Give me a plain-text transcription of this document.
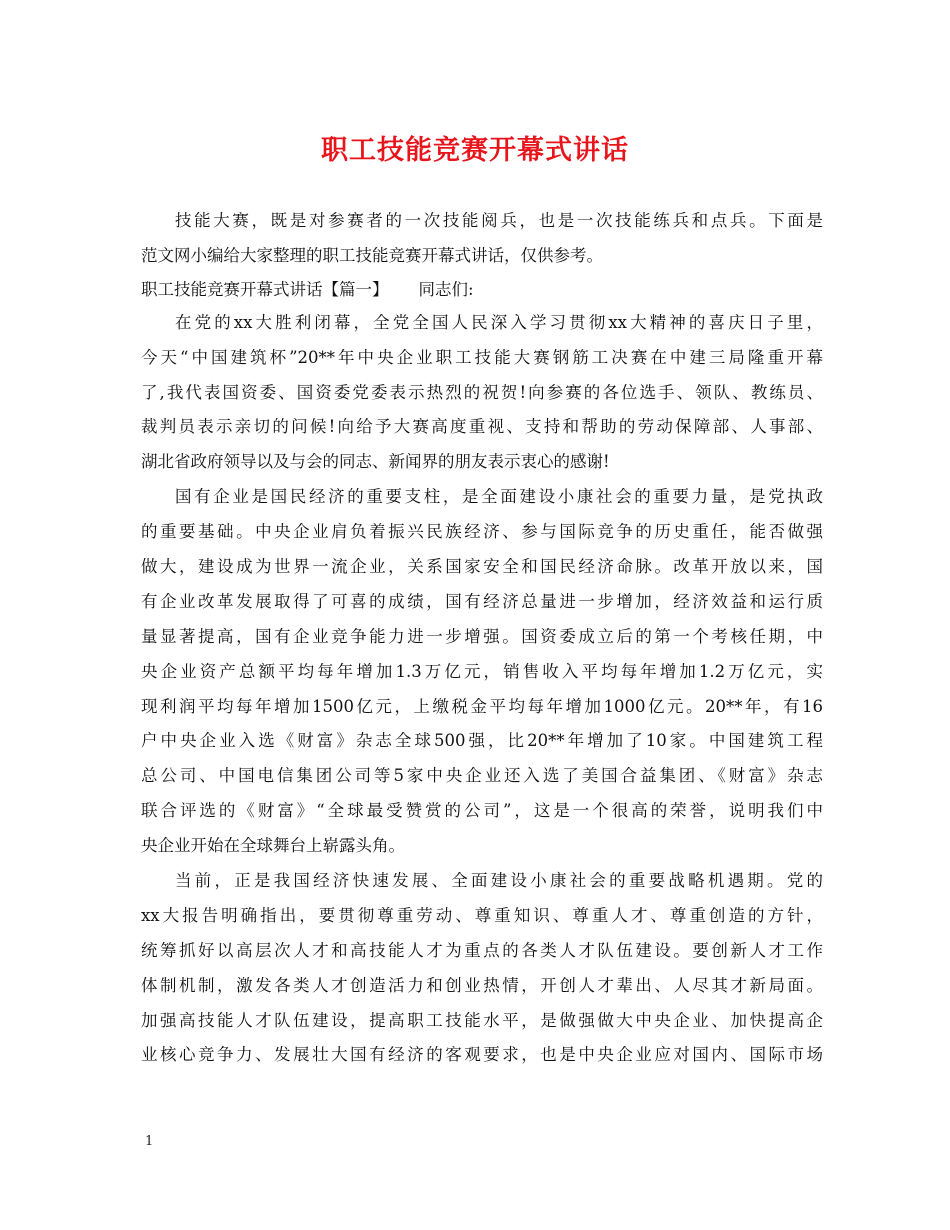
职工技能竞赛开幕式讲话
技能大赛，既是对参赛者的一次技能阅兵，也是一次技能练兵和点兵。下面是
范文网小编给大家整理的职工技能竞赛开幕式讲话，仅供参考。
职工技能竞赛开幕式讲话【篇一】 同志们:
在党的xx大胜利闭幕，全党全国人民深入学习贯彻xx大精神的喜庆日子里，
今天“中国建筑杯”20**年中央企业职工技能大赛钢筋工决赛在中建三局隆重开幕
了,我代表国资委、国资委党委表示热烈的祝贺!向参赛的各位选手、领队、教练员、
裁判员表示亲切的问候!向给予大赛高度重视、支持和帮助的劳动保障部、人事部、
湖北省政府领导以及与会的同志、新闻界的朋友表示衷心的感谢!
国有企业是国民经济的重要支柱，是全面建设小康社会的重要力量，是党执政
的重要基础。中央企业肩负着振兴民族经济、参与国际竞争的历史重任，能否做强
做大，建设成为世界一流企业，关系国家安全和国民经济命脉。改革开放以来，国
有企业改革发展取得了可喜的成绩，国有经济总量进一步增加，经济效益和运行质
量显著提高，国有企业竞争能力进一步增强。国资委成立后的第一个考核任期，中
央企业资产总额平均每年增加1.3万亿元，销售收入平均每年增加1.2万亿元，实
现利润平均每年增加1500亿元，上缴税金平均每年增加1000亿元。20**年，有16
户中央企业入选《财富》杂志全球500强，比20**年增加了10家。中国建筑工程
总公司、中国电信集团公司等5家中央企业还入选了美国合益集团、《财富》杂志
联合评选的《财富》“全球最受赞赏的公司”，这是一个很高的荣誉，说明我们中
央企业开始在全球舞台上崭露头角。
当前，正是我国经济快速发展、全面建设小康社会的重要战略机遇期。党的
xx大报告明确指出，要贯彻尊重劳动、尊重知识、尊重人才、尊重创造的方针，
统筹抓好以高层次人才和高技能人才为重点的各类人才队伍建设。要创新人才工作
体制机制，激发各类人才创造活力和创业热情，开创人才辈出、人尽其才新局面。
加强高技能人才队伍建设，提高职工技能水平，是做强做大中央企业、加快提高企
业核心竞争力、发展壮大国有经济的客观要求，也是中央企业应对国内、国际市场
1
